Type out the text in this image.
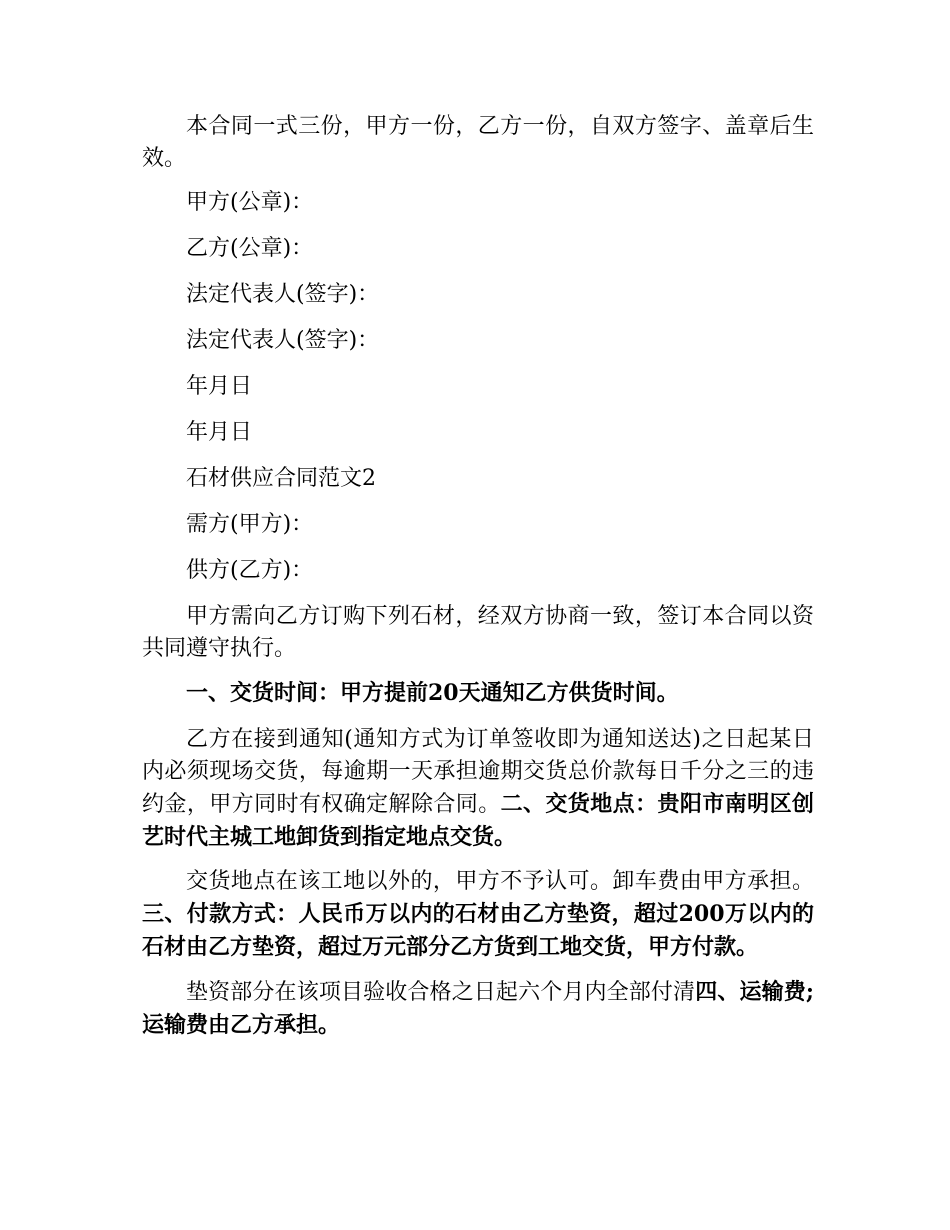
本合同一式三份，甲方一份，乙方一份，自双方签字、盖章后生效。

甲方(公章)：

乙方(公章)：

法定代表人(签字)：

法定代表人(签字)：

年月日

年月日

石材供应合同范文2

需方(甲方)：

供方(乙方)：

甲方需向乙方订购下列石材，经双方协商一致，签订本合同以资共同遵守执行。

一、交货时间：甲方提前20天通知乙方供货时间。

乙方在接到通知(通知方式为订单签收即为通知送达)之日起某日内必须现场交货，每逾期一天承担逾期交货总价款每日千分之三的违约金，甲方同时有权确定解除合同。二、交货地点：贵阳市南明区创艺时代主城工地卸货到指定地点交货。

交货地点在该工地以外的，甲方不予认可。卸车费由甲方承担。三、付款方式：人民币万以内的石材由乙方垫资，超过200万以内的石材由乙方垫资，超过万元部分乙方货到工地交货，甲方付款。

垫资部分在该项目验收合格之日起六个月内全部付清四、运输费;运输费由乙方承担。
